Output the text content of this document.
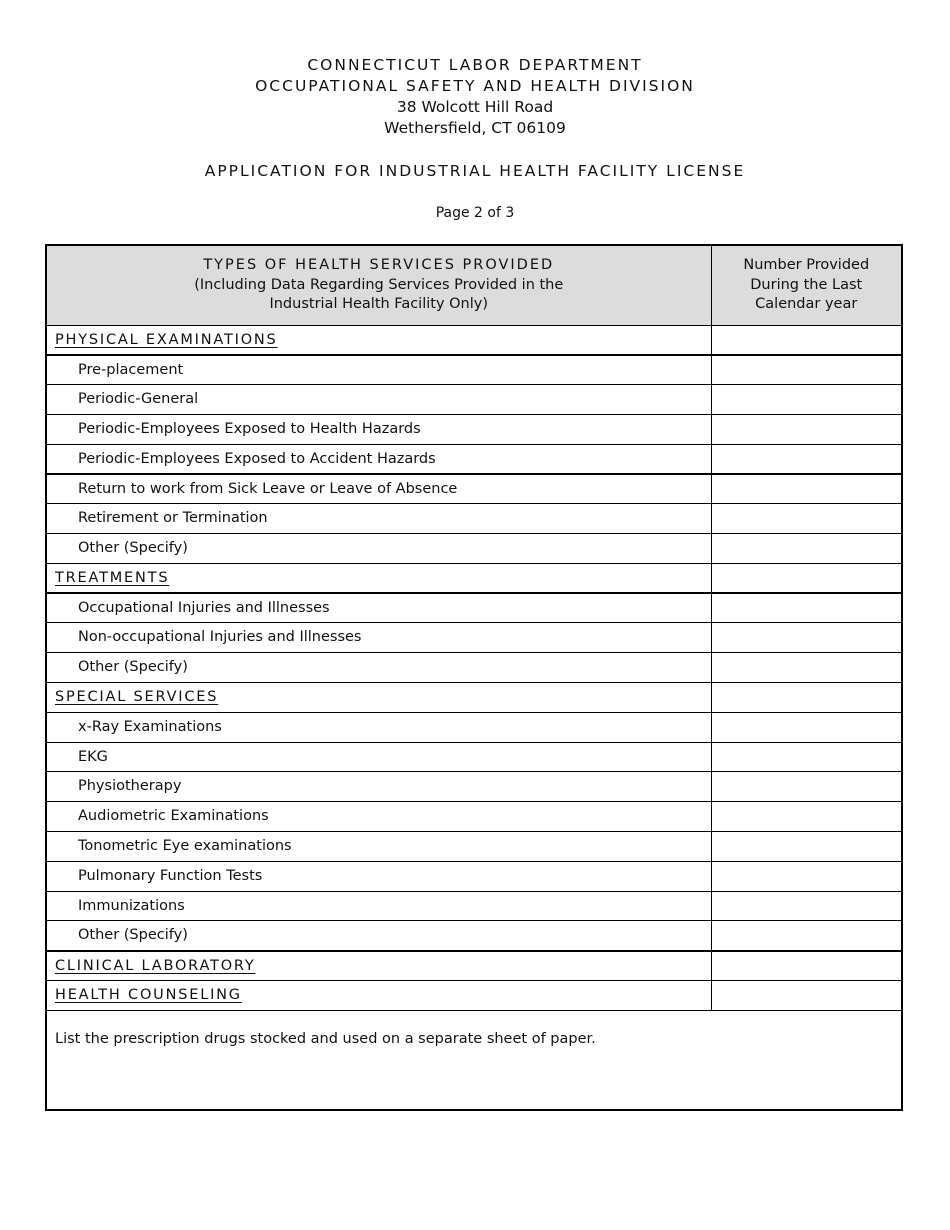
CONNECTICUT LABOR DEPARTMENT
OCCUPATIONAL SAFETY AND HEALTH DIVISION
38 Wolcott Hill Road
Wethersfield, CT 06109
APPLICATION FOR INDUSTRIAL HEALTH FACILITY LICENSE
Page 2 of 3
TYPES OF HEALTH SERVICES PROVIDED
(Including Data Regarding Services Provided in the
Industrial Health Facility Only)	Number Provided
During the Last
Calendar year

PHYSICAL EXAMINATIONS	
Pre-placement	
Periodic-General	
Periodic-Employees Exposed to Health Hazards	
Periodic-Employees Exposed to Accident Hazards	
Return to work from Sick Leave or Leave of Absence	
Retirement or Termination	
Other (Specify)	
TREATMENTS	
Occupational Injuries and Illnesses	
Non-occupational Injuries and Illnesses	
Other (Specify)	
SPECIAL SERVICES	
x-Ray Examinations	
EKG	
Physiotherapy	
Audiometric Examinations	
Tonometric Eye examinations	
Pulmonary Function Tests	
Immunizations	
Other (Specify)	
CLINICAL LABORATORY	
HEALTH COUNSELING	
List the prescription drugs stocked and used on a separate sheet of paper.	
